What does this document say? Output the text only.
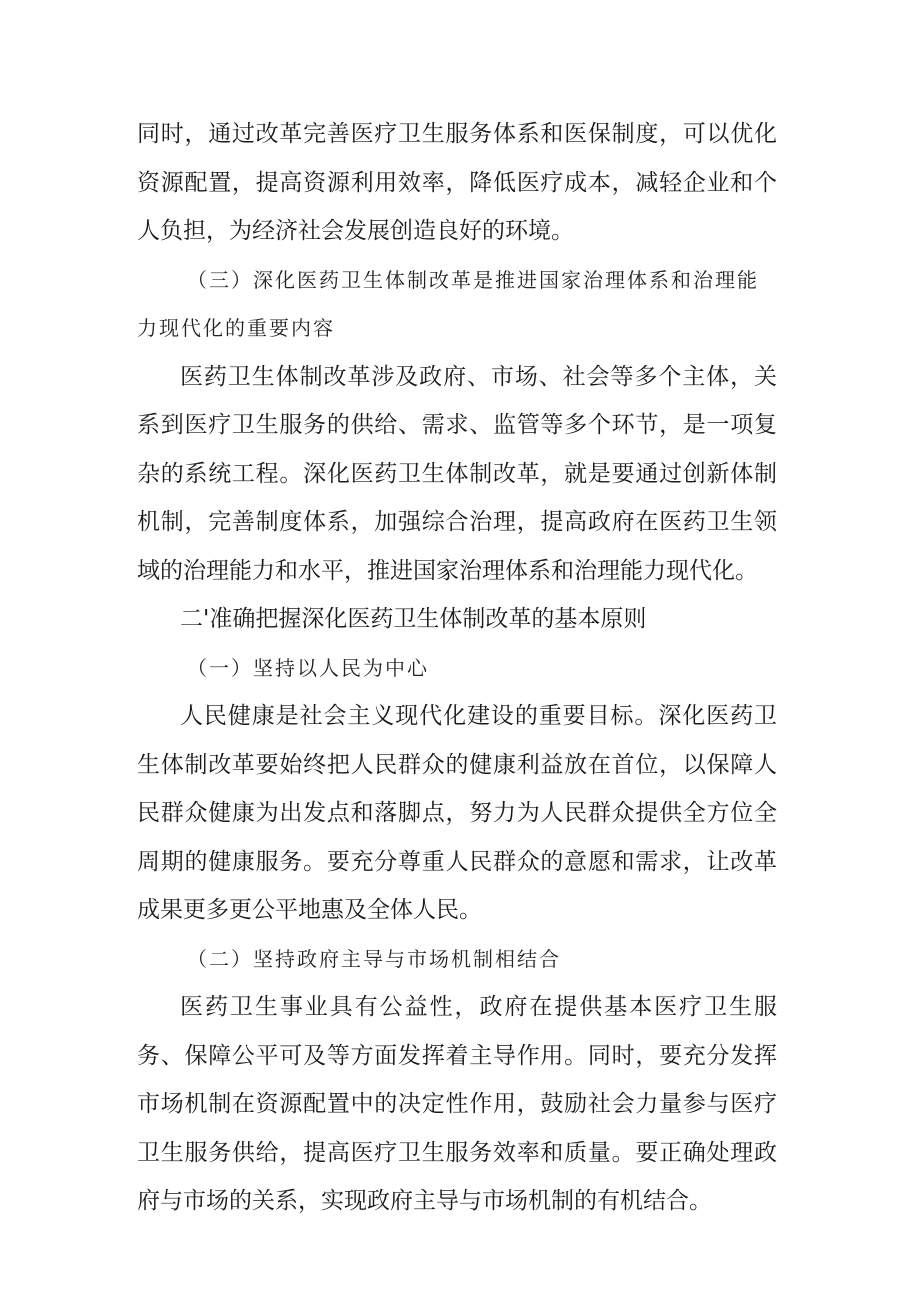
同时，通过改革完善医疗卫生服务体系和医保制度，可以优化资源配置，提高资源利用效率，降低医疗成本，减轻企业和个人负担，为经济社会发展创造良好的环境。

（三）深化医药卫生体制改革是推进国家治理体系和治理能力现代化的重要内容

医药卫生体制改革涉及政府、市场、社会等多个主体，关系到医疗卫生服务的供给、需求、监管等多个环节，是一项复杂的系统工程。深化医药卫生体制改革，就是要通过创新体制机制，完善制度体系，加强综合治理，提高政府在医药卫生领域的治理能力和水平，推进国家治理体系和治理能力现代化。

二'准确把握深化医药卫生体制改革的基本原则

（一）坚持以人民为中心

人民健康是社会主义现代化建设的重要目标。深化医药卫生体制改革要始终把人民群众的健康利益放在首位，以保障人民群众健康为出发点和落脚点，努力为人民群众提供全方位全周期的健康服务。要充分尊重人民群众的意愿和需求，让改革成果更多更公平地惠及全体人民。

（二）坚持政府主导与市场机制相结合

医药卫生事业具有公益性，政府在提供基本医疗卫生服务、保障公平可及等方面发挥着主导作用。同时，要充分发挥市场机制在资源配置中的决定性作用，鼓励社会力量参与医疗卫生服务供给，提高医疗卫生服务效率和质量。要正确处理政府与市场的关系，实现政府主导与市场机制的有机结合。
